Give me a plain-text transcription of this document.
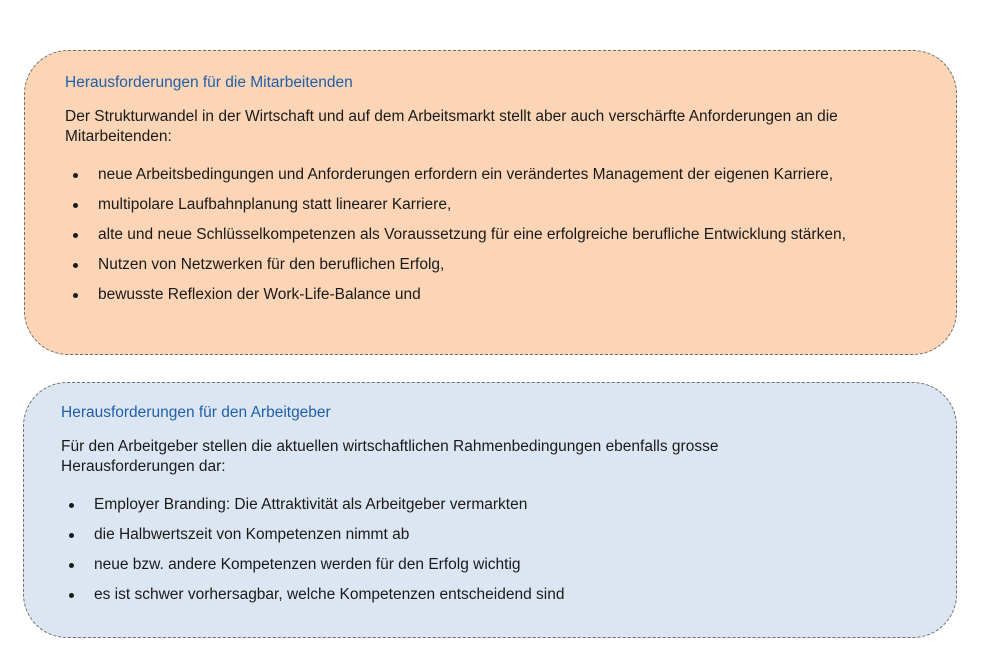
Herausforderungen für die Mitarbeitenden
Der Strukturwandel in der Wirtschaft und auf dem Arbeitsmarkt stellt aber auch verschärfte Anforderungen an die Mitarbeitenden:
neue Arbeitsbedingungen und Anforderungen erfordern ein verändertes Management der eigenen Karriere,
multipolare Laufbahnplanung statt linearer Karriere,
alte und neue Schlüsselkompetenzen als Voraussetzung für eine erfolgreiche berufliche Entwicklung stärken,
Nutzen von Netzwerken für den beruflichen Erfolg,
bewusste Reflexion der Work-Life-Balance und
Herausforderungen für den Arbeitgeber
Für den Arbeitgeber stellen die aktuellen wirtschaftlichen Rahmenbedingungen ebenfalls grosse Herausforderungen dar:
Employer Branding: Die Attraktivität als Arbeitgeber vermarkten
die Halbwertszeit von Kompetenzen nimmt ab
neue bzw. andere Kompetenzen werden für den Erfolg wichtig
es ist schwer vorhersagbar, welche Kompetenzen entscheidend sind
